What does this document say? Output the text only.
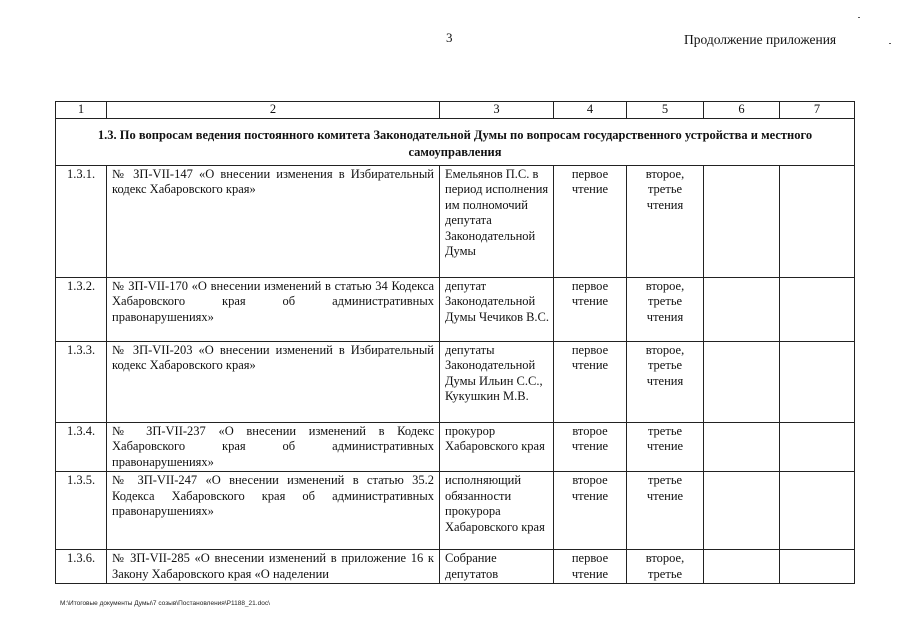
3	Продолжение приложения
1	2	3	4	5	6	7
1.3. По вопросам ведения постоянного комитета Законодательной Думы по вопросам государственного устройства и местного самоуправления						
1.3.1.	№ ЗП-VII-147 «О внесении изменения в Избирательный кодекс Хабаровского края»	Емельянов П.С. в период исполнения им полномочий депутата Законодательной Думы	первое чтение	второе, третье чтения		
1.3.2.	№ ЗП-VII-170 «О внесении изменений в статью 34 Кодекса Хабаровского края об административных правонарушениях»	депутат Законодательной Думы Чечиков В.С.	первое чтение	второе, третье чтения		
1.3.3.	№ ЗП-VII-203 «О внесении изменений в Избирательный кодекс Хабаровского края»	депутаты Законодательной Думы Ильин С.С., Кукушкин М.В.	первое чтение	второе, третье чтения		
1.3.4.	№ ЗП-VII-237 «О внесении изменений в Кодекс Хабаровского края об административных правонарушениях»	прокурор Хабаровского края	второе чтение	третье чтение		
1.3.5.	№ ЗП-VII-247 «О внесении изменений в статью 35.2 Кодекса Хабаровского края об административных правонарушениях»	исполняющий обязанности прокурора Хабаровского края	второе чтение	третье чтение		
1.3.6.	№ ЗП-VII-285 «О внесении изменений в приложение 16 к Закону Хабаровского края «О наделении	Собрание депутатов	первое чтение	второе, третье		
М:\Итоговые документы Думы\7 созыв\Постановления\Р1188_21.doc\
